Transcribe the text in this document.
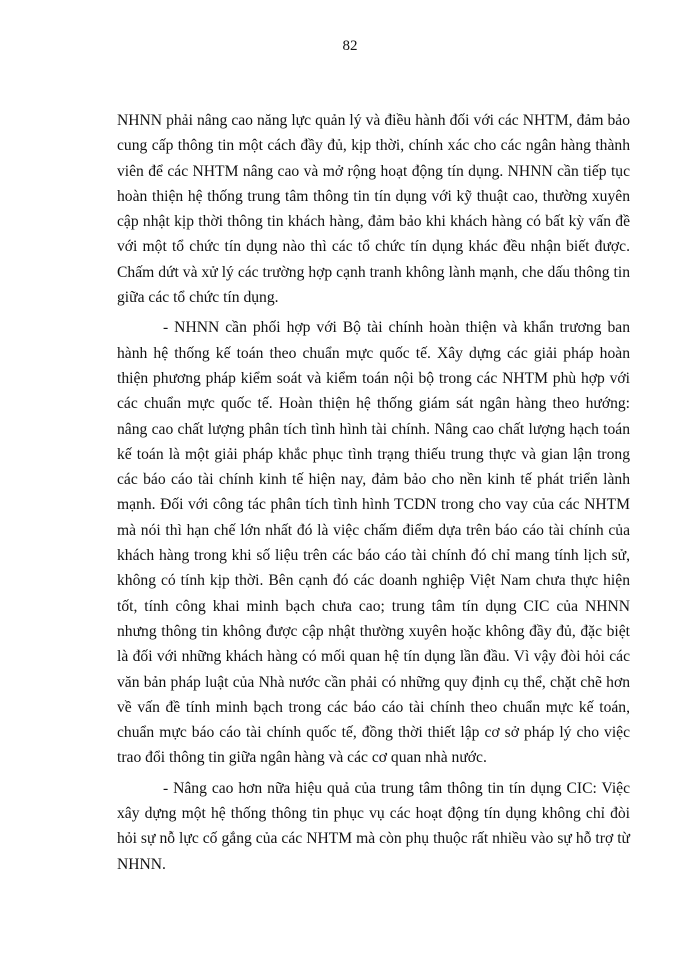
82

NHNN phải nâng cao năng lực quản lý và điều hành đối với các NHTM, đảm bảo cung cấp thông tin một cách đầy đủ, kịp thời, chính xác cho các ngân hàng thành viên để các NHTM nâng cao và mở rộng hoạt động tín dụng. NHNN cần tiếp tục hoàn thiện hệ thống trung tâm thông tin tín dụng với kỹ thuật cao, thường xuyên cập nhật kịp thời thông tin khách hàng, đảm bảo khi khách hàng có bất kỳ vấn đề với một tổ chức tín dụng nào thì các tổ chức tín dụng khác đều nhận biết được. Chấm dứt và xử lý các trường hợp cạnh tranh không lành mạnh, che dấu thông tin giữa các tổ chức tín dụng.

- NHNN cần phối hợp với Bộ tài chính hoàn thiện và khẩn trương ban hành hệ thống kế toán theo chuẩn mực quốc tế. Xây dựng các giải pháp hoàn thiện phương pháp kiểm soát và kiểm toán nội bộ trong các NHTM phù hợp với các chuẩn mực quốc tế. Hoàn thiện hệ thống giám sát ngân hàng theo hướng: nâng cao chất lượng phân tích tình hình tài chính. Nâng cao chất lượng hạch toán kế toán là một giải pháp khắc phục tình trạng thiếu trung thực và gian lận trong các báo cáo tài chính kinh tế hiện nay, đảm bảo cho nền kinh tế phát triển lành mạnh. Đối với công tác phân tích tình hình TCDN trong cho vay của các NHTM mà nói thì hạn chế lớn nhất đó là việc chấm điểm dựa trên báo cáo tài chính của khách hàng trong khi số liệu trên các báo cáo tài chính đó chỉ mang tính lịch sử, không có tính kịp thời. Bên cạnh đó các doanh nghiệp Việt Nam chưa thực hiện tốt, tính công khai minh bạch chưa cao; trung tâm tín dụng CIC của NHNN nhưng thông tin không được cập nhật thường xuyên hoặc không đầy đủ, đặc biệt là đối với những khách hàng có mối quan hệ tín dụng lần đầu. Vì vậy đòi hỏi các văn bản pháp luật của Nhà nước cần phải có những quy định cụ thể, chặt chẽ hơn về vấn đề tính minh bạch trong các báo cáo tài chính theo chuẩn mực kế toán, chuẩn mực báo cáo tài chính quốc tế, đồng thời thiết lập cơ sở pháp lý cho việc trao đổi thông tin giữa ngân hàng và các cơ quan nhà nước.

- Nâng cao hơn nữa hiệu quả của trung tâm thông tin tín dụng CIC: Việc xây dựng một hệ thống thông tin phục vụ các hoạt động tín dụng không chỉ đòi hỏi sự nỗ lực cố gắng của các NHTM mà còn phụ thuộc rất nhiều vào sự hỗ trợ từ NHNN.
